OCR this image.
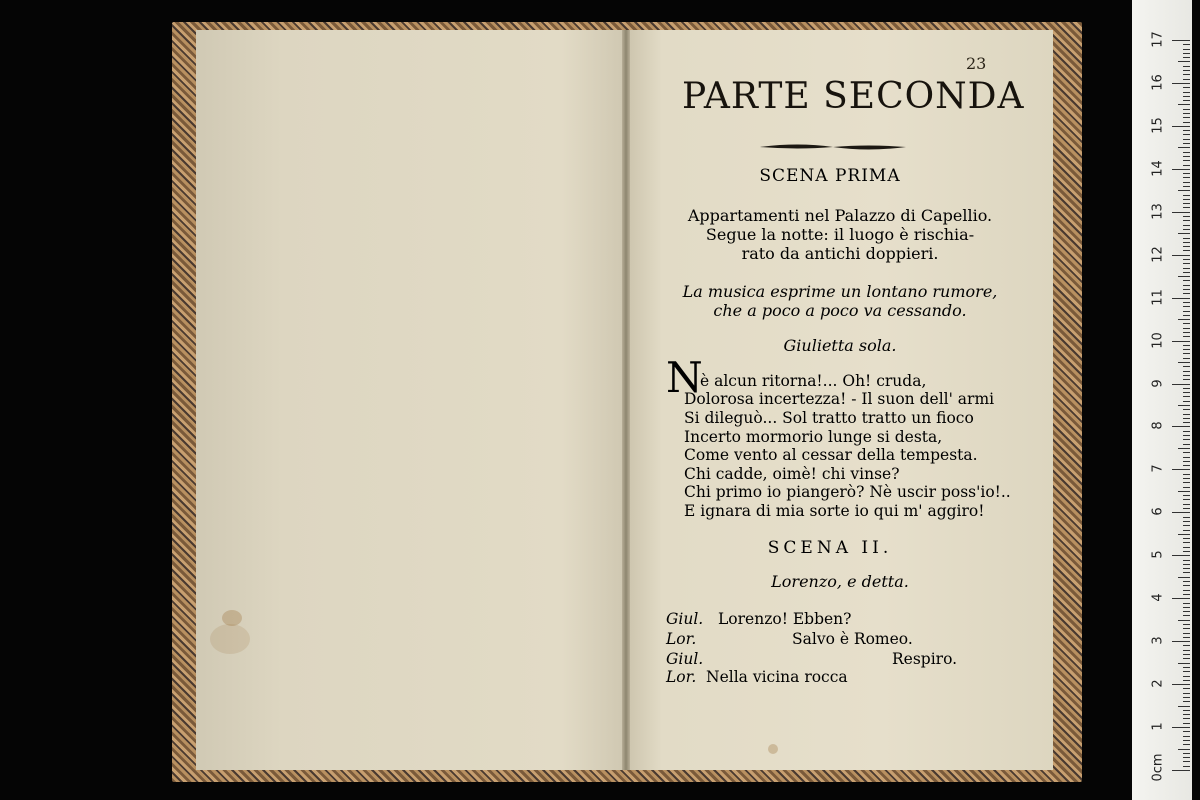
23
PARTE SECONDA
SCENA PRIMA
Appartamenti nel Palazzo di Capellio.
Segue la notte: il luogo è rischia-
rato da antichi doppieri.
La musica esprime un lontano rumore,
che a poco a poco va cessando.
Giulietta sola.
N
è alcun ritorna!... Oh! cruda,
Dolorosa incertezza! - Il suon dell' armi
Si dileguò... Sol tratto tratto un fioco
Incerto mormorio lunge si desta,
Come vento al cessar della tempesta.
Chi cadde, oimè! chi vinse?
Chi primo io piangerò? Nè uscir poss'io!..
E ignara di mia sorte io qui m' aggiro!
SCENA II.
Lorenzo, e detta.
Giul. Lorenzo! Ebben?
Lor.	Salvo è Romeo.
Giul.	Respiro.
Lor. Nella vicina rocca
17
16
15
14
13
12
11
10
9
8
7
6
5
4
3
2
1
0cm
